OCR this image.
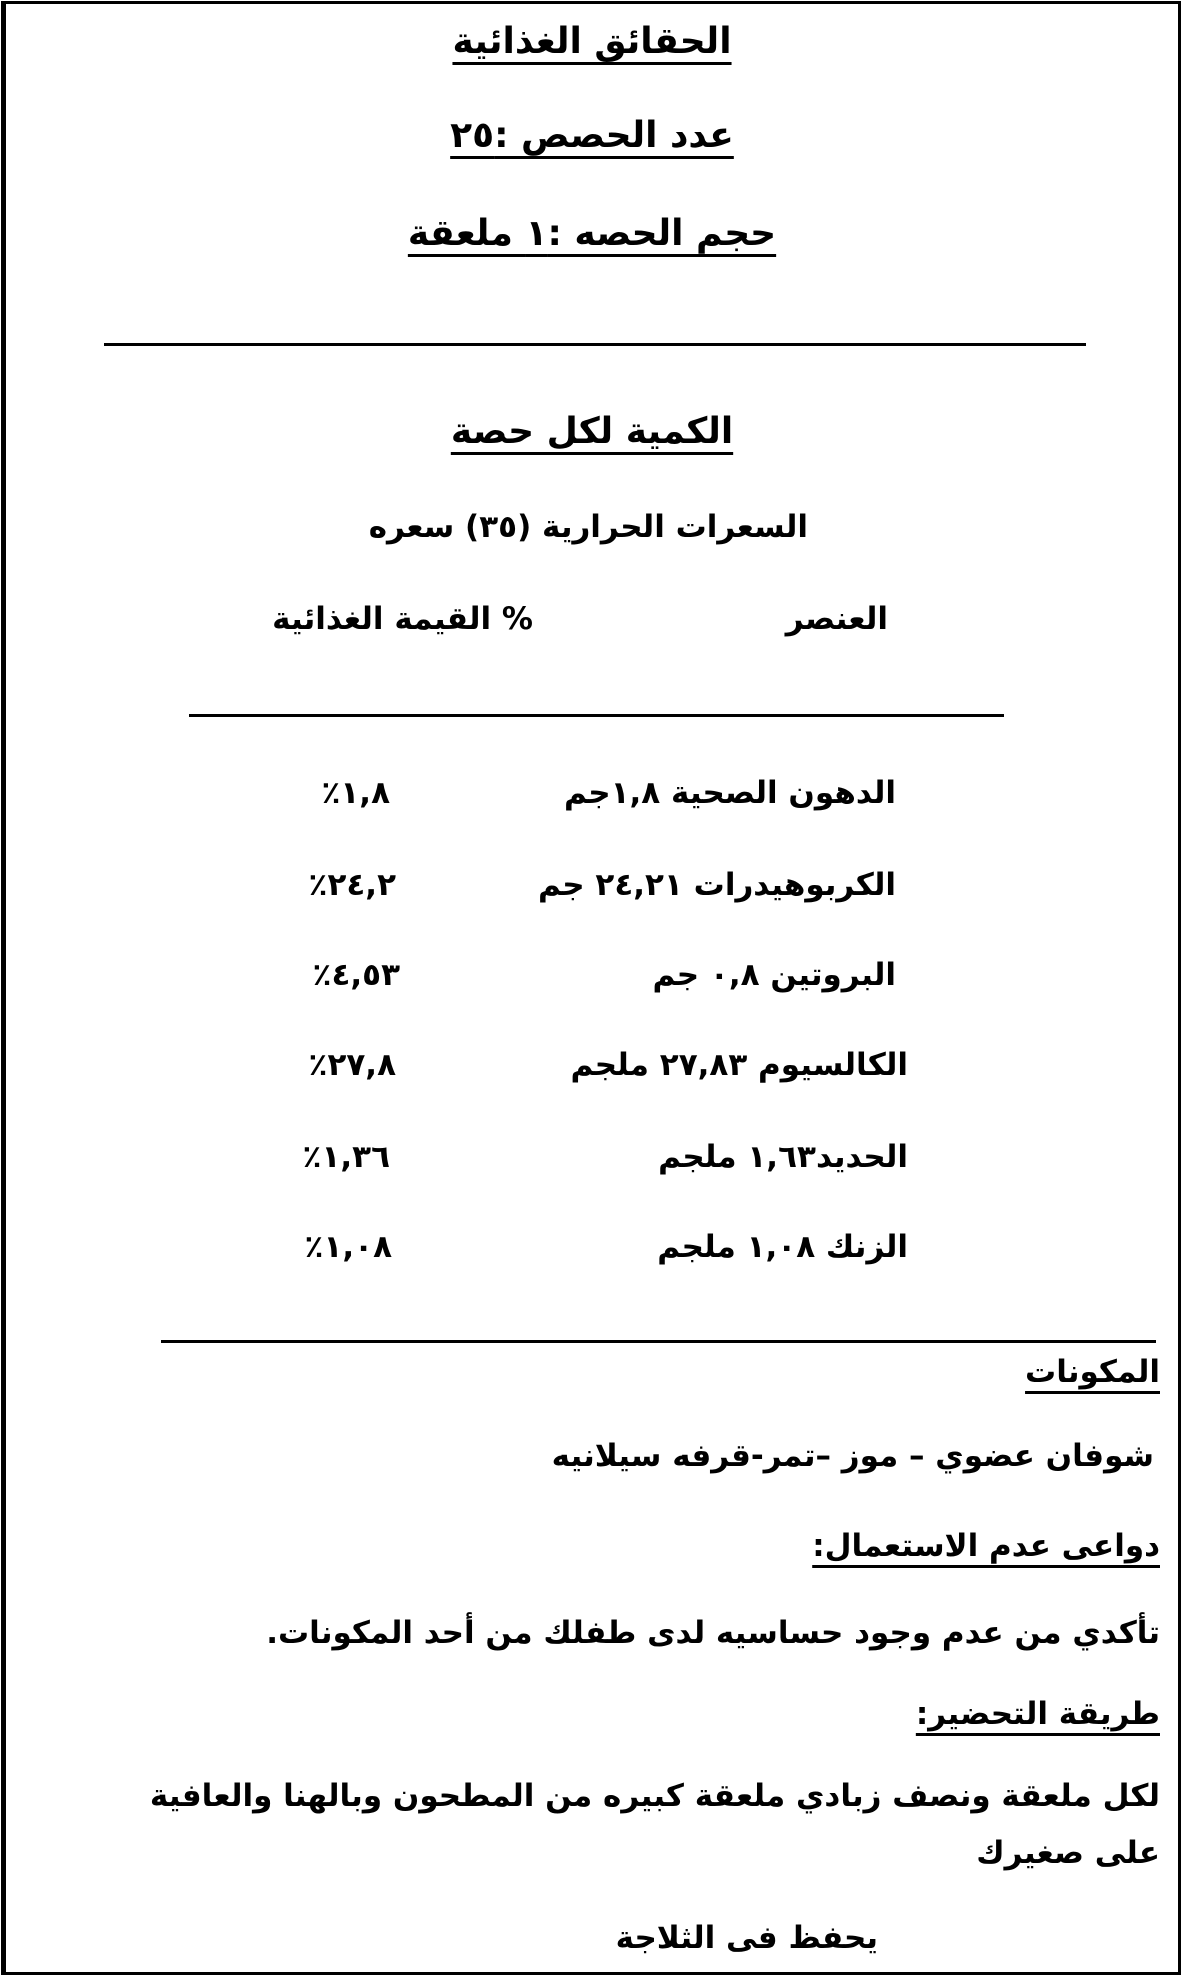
الحقائق الغذائية
عدد الحصص :٢٥
حجم الحصه :١ ملعقة
الكمية لكل حصة
السعرات الحرارية (٣٥) سعره
العنصر
% القيمة الغذائية
الدهون الصحية ١,٨جم
١,٨٪
الكربوهيدرات ٢٤,٢١ جم
٢٤,٢٪
البروتين ٠,٨ جم
٤,٥٣٪
الكالسيوم ٢٧,٨٣ ملجم
٢٧,٨٪
الحديد١,٦٣ ملجم
١,٣٦٪
الزنك ١,٠٨ ملجم
١,٠٨٪
المكونات
شوفان عضوي – موز –تمر-قرفه سيلانيه
دواعى عدم الاستعمال:
تأكدي من عدم وجود حساسيه لدى طفلك من أحد المكونات.
طريقة التحضير:
لكل ملعقة ونصف زبادي ملعقة كبيره من المطحون وبالهنا والعافية
على صغيرك
يحفظ فى الثلاجة
